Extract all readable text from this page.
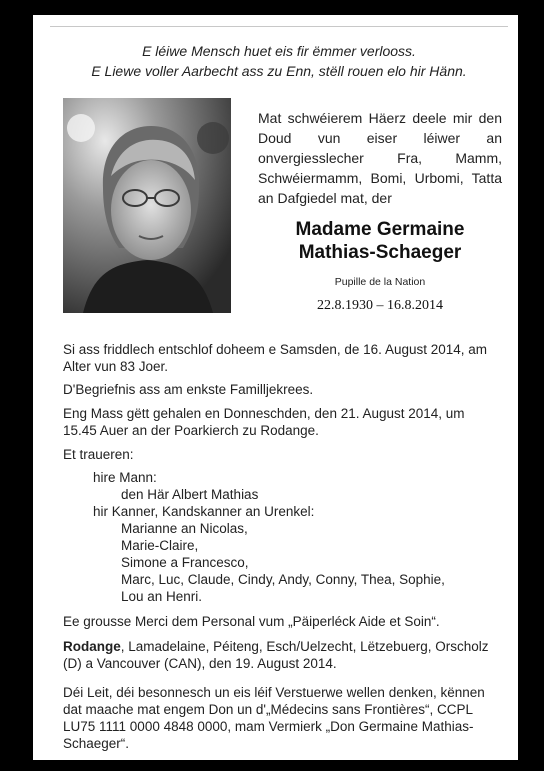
E léiwe Mensch huet eis fir ëmmer verlooss.
E Liewe voller Aarbecht ass zu Enn, stëll rouen elo hir Hänn.
Mat schwéierem Häerz deele mir den Doud vun eiser léiwer an onvergiesslecher Fra, Mamm, Schwéiermamm, Bomi, Urbomi, Tatta an Dafgiedel mat, der
Madame Germaine
Mathias-Schaeger
Pupille de la Nation
22.8.1930 – 16.8.2014
Si ass friddlech entschlof doheem e Samsden, de 16. August 2014, am Alter vun 83 Joer.
D'Begriefnis ass am enkste Familljekrees.
Eng Mass gëtt gehalen en Donneschden, den 21. August 2014, um 15.45 Auer an der Poarkierch zu Rodange.
Et traueren:
hire Mann:
den Här Albert Mathias
hir Kanner, Kandskanner an Urenkel:
Marianne an Nicolas,
Marie-Claire,
Simone a Francesco,
Marc, Luc, Claude, Cindy, Andy, Conny, Thea, Sophie,
Lou an Henri.
Ee grousse Merci dem Personal vum „Päiperléck Aide et Soin“.
Rodange, Lamadelaine, Péiteng, Esch/Uelzecht, Lëtzebuerg, Orscholz (D) a Vancouver (CAN), den 19. August 2014.
Déi Leit, déi besonnesch un eis léif Verstuerwe wellen denken, kënnen dat maache mat engem Don un d'„Médecins sans Frontières“, CCPL LU75 1111 0000 4848 0000, mam Vermierk „Don Germaine Mathias-Schaeger“.
